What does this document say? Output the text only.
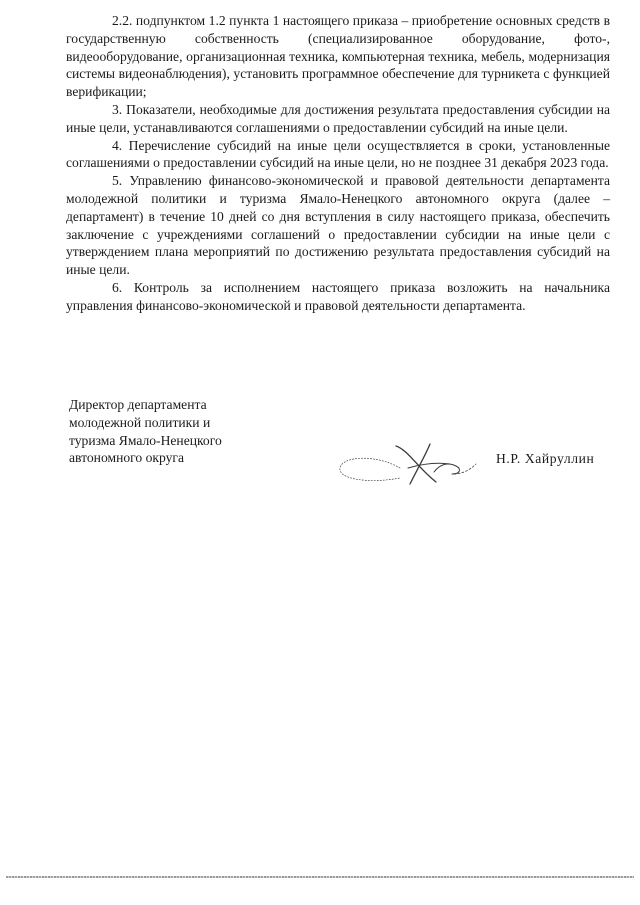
2.2. подпунктом 1.2 пункта 1 настоящего приказа – приобретение основных средств в государственную собственность (специализированное оборудование, фото-, видеооборудование, организационная техника, компьютерная техника, мебель, модернизация системы видеонаблюдения), установить программное обеспечение для турникета с функцией верификации;

3. Показатели, необходимые для достижения результата предоставления субсидии на иные цели, устанавливаются соглашениями о предоставлении субсидий на иные цели.

4. Перечисление субсидий на иные цели осуществляется в сроки, установленные соглашениями о предоставлении субсидий на иные цели, но не позднее 31 декабря 2023 года.

5. Управлению финансово-экономической и правовой деятельности департамента молодежной политики и туризма Ямало-Ненецкого автономного округа (далее – департамент) в течение 10 дней со дня вступления в силу настоящего приказа, обеспечить заключение с учреждениями соглашений о предоставлении субсидии на иные цели с утверждением плана мероприятий по достижению результата предоставления субсидий на иные цели.

6. Контроль за исполнением настоящего приказа возложить на начальника управления финансово-экономической и правовой деятельности департамента.

Директор департамента
молодежной политики и
туризма Ямало-Ненецкого
автономного округа	Н.Р. Хайруллин
